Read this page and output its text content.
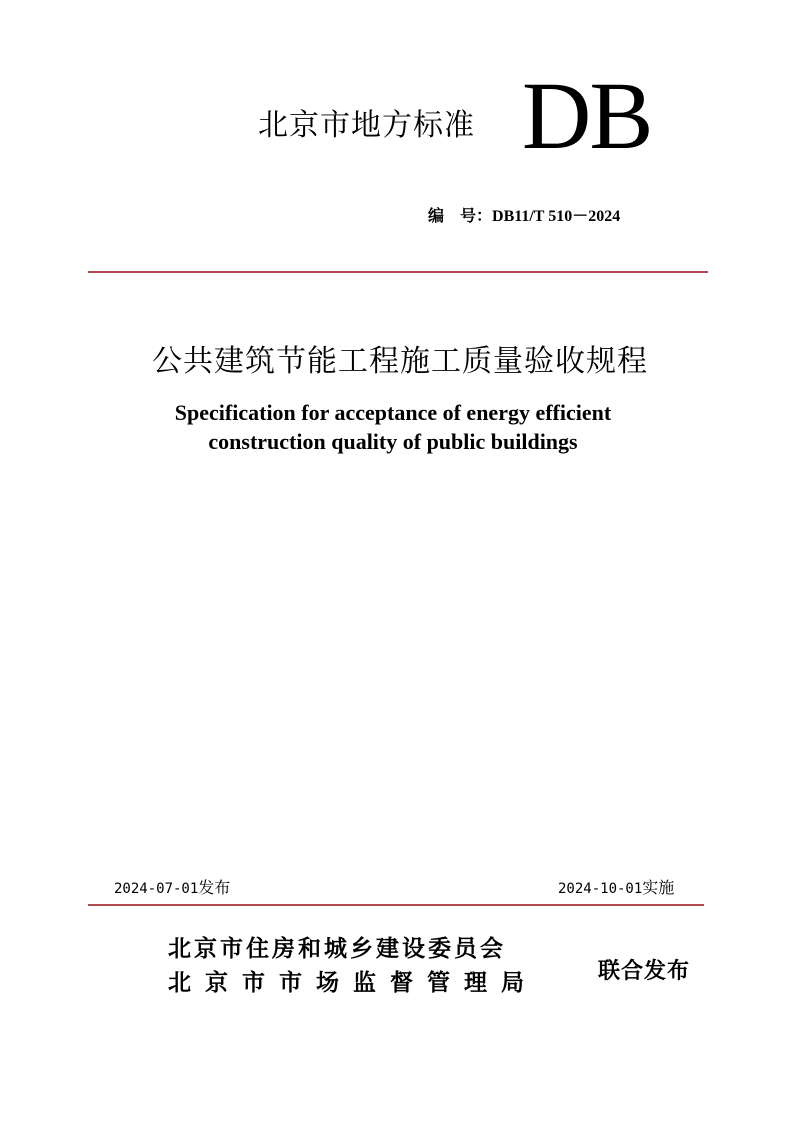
北京市地方标准 DB
编　号：DB11/T 510－2024
公共建筑节能工程施工质量验收规程
Specification for acceptance of energy efficient
construction quality of public buildings
2024-07-01发布	2024-10-01实施
北京市住房和城乡建设委员会
北京市市场监督管理局	联合发布
